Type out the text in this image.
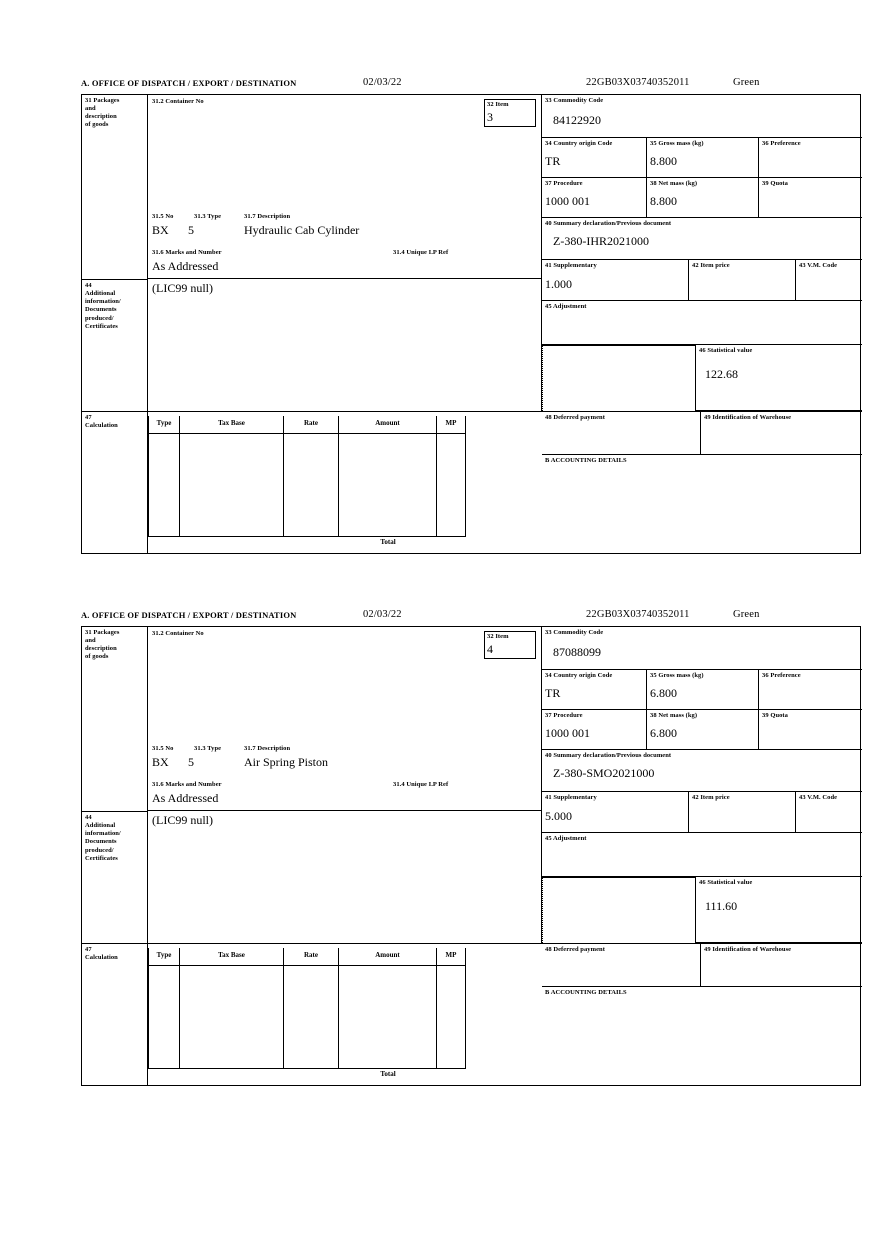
A. OFFICE OF DISPATCH / EXPORT / DESTINATION	02/03/22	22GB03X03740352011	Green
31 Packages
and
description
of goods
31.2 Container No
31.5 No	31.3 Type	31.7 Description
BX 5	Hydraulic Cab Cylinder
31.6 Marks and Number	31.4 Unique I.P Ref
As Addressed
32 Item
3
33 Commodity Code
84122920
34 Country origin Code
TR
35 Gross mass (kg)
8.800
36 Preference
37 Procedure
1000 001
38 Net mass (kg)
8.800
39 Quota
40 Summary declaration/Previous document
Z-380-IHR2021000
41 Supplementary
1.000
42 Item price	43 V.M. Code
45 Adjustment
46 Statistical value
122.68
44
Additional
information/
Documents
produced/
Certificates
(LIC99 null)
47
Calculation	Type	Tax Base	Rate	Amount	MP
Total
48 Deferred payment	49 Identification of Warehouse
B ACCOUNTING DETAILS
A. OFFICE OF DISPATCH / EXPORT / DESTINATION	02/03/22	22GB03X03740352011	Green
31 Packages
and
description
of goods
31.2 Container No
31.5 No	31.3 Type	31.7 Description
BX 5	Air Spring Piston
31.6 Marks and Number	31.4 Unique I.P Ref
As Addressed
32 Item
4
33 Commodity Code
87088099
34 Country origin Code
TR
35 Gross mass (kg)
6.800
36 Preference
37 Procedure
1000 001
38 Net mass (kg)
6.800
39 Quota
40 Summary declaration/Previous document
Z-380-SMO2021000
41 Supplementary
5.000
42 Item price	43 V.M. Code
45 Adjustment
46 Statistical value
111.60
44
Additional
information/
Documents
produced/
Certificates
(LIC99 null)
47
Calculation	Type	Tax Base	Rate	Amount	MP
Total
48 Deferred payment	49 Identification of Warehouse
B ACCOUNTING DETAILS
